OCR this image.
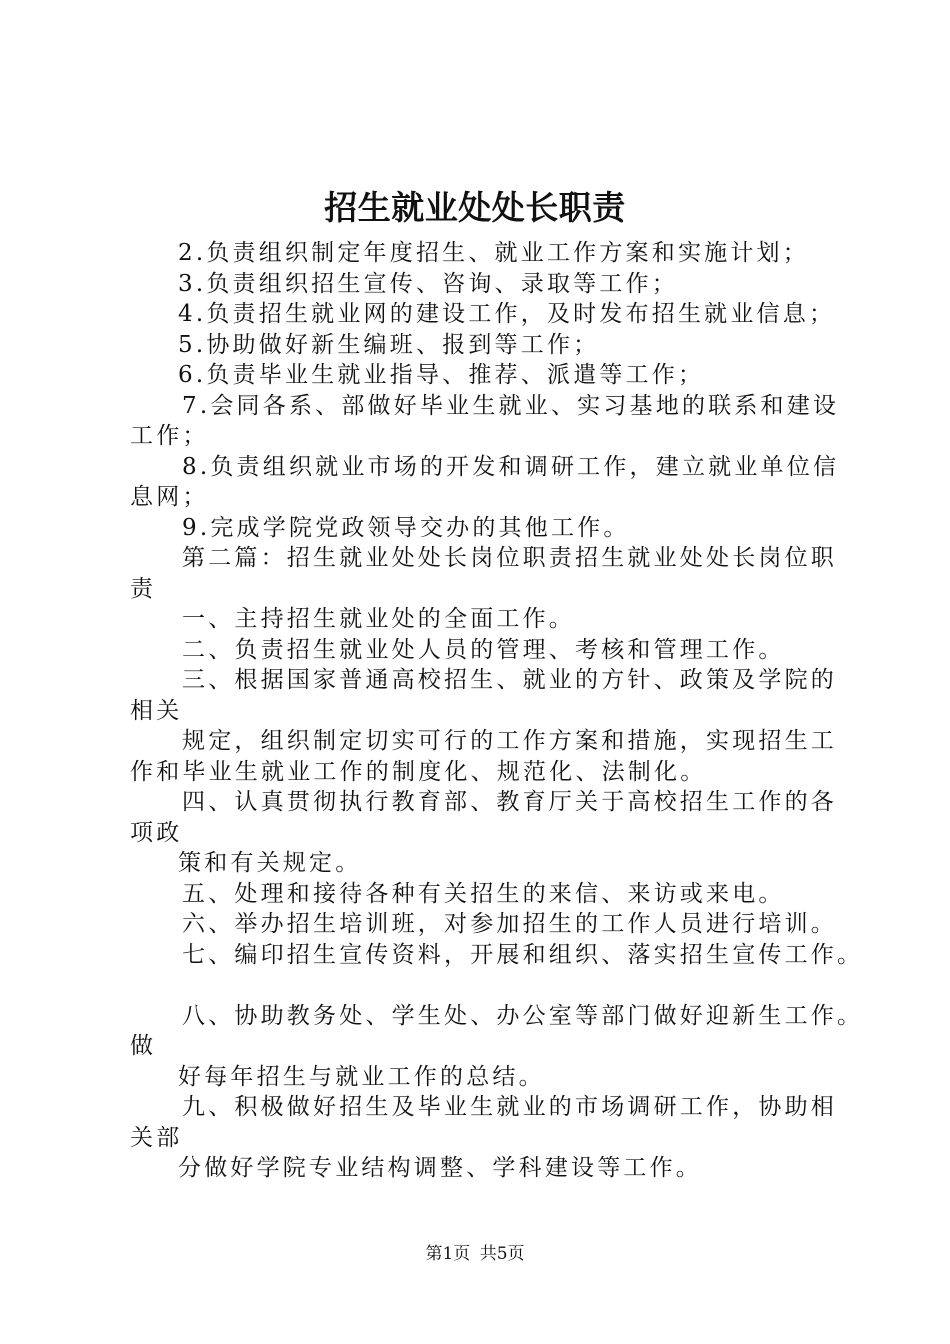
招生就业处处长职责
2.负责组织制定年度招生、就业工作方案和实施计划；
3.负责组织招生宣传、咨询、录取等工作；
4.负责招生就业网的建设工作，及时发布招生就业信息；
5.协助做好新生编班、报到等工作；
6.负责毕业生就业指导、推荐、派遣等工作；
7.会同各系、部做好毕业生就业、实习基地的联系和建设
工作；
8.负责组织就业市场的开发和调研工作，建立就业单位信
息网；
9.完成学院党政领导交办的其他工作。
第二篇：招生就业处处长岗位职责招生就业处处长岗位职
责
一、主持招生就业处的全面工作。
二、负责招生就业处人员的管理、考核和管理工作。
三、根据国家普通高校招生、就业的方针、政策及学院的
相关
规定，组织制定切实可行的工作方案和措施，实现招生工
作和毕业生就业工作的制度化、规范化、法制化。
四、认真贯彻执行教育部、教育厅关于高校招生工作的各
项政
策和有关规定。
五、处理和接待各种有关招生的来信、来访或来电。
六、举办招生培训班，对参加招生的工作人员进行培训。
七、编印招生宣传资料，开展和组织、落实招生宣传工作。
八、协助教务处、学生处、办公室等部门做好迎新生工作。
做
好每年招生与就业工作的总结。
九、积极做好招生及毕业生就业的市场调研工作，协助相
关部
分做好学院专业结构调整、学科建设等工作。
第1页 共5页
